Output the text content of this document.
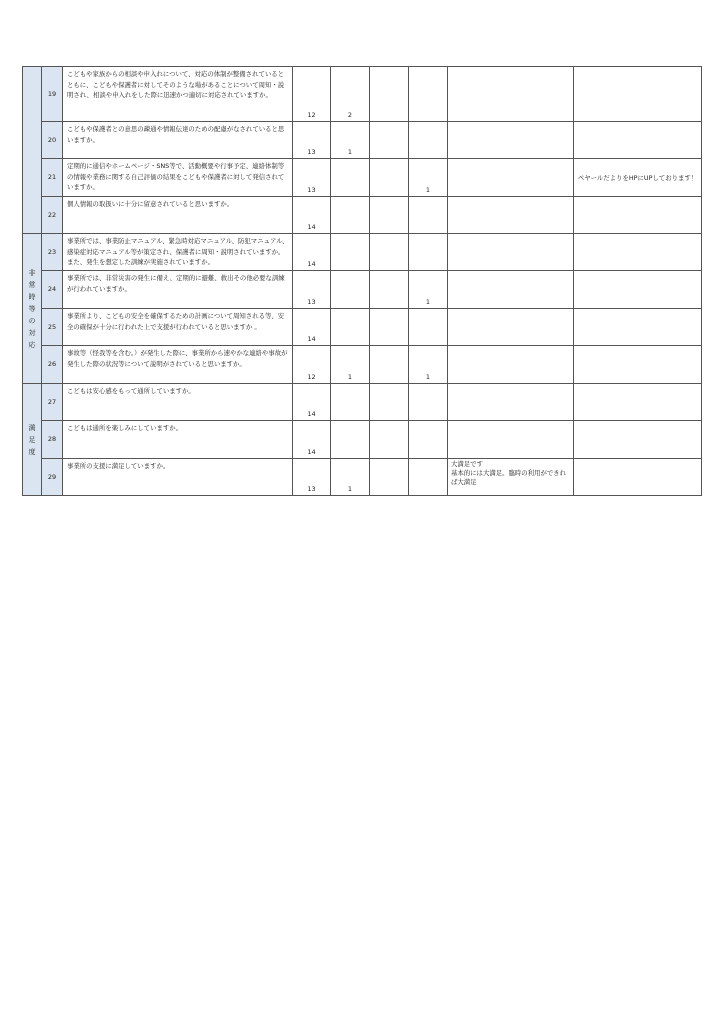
	19	こどもや家族からの相談や申入れについて、対応の体制が整備されているとともに、こどもや保護者に対してそのような場があることについて周知・説明され、相談や申入れをした際に迅速かつ適切に対応されていますか。	12	2				
	20	こどもや保護者との意思の疎通や情報伝達のための配慮がなされていると思いますか。	13	1				
	21	定期的に通信やホームページ・SNS等で、活動概要や行事予定、連絡体制等の情報や業務に関する自己評価の結果をこどもや保護者に対して発信されていますか。	13			1		ペヤールだよりをHPにUPしております！
	22	個人情報の取扱いに十分に留意されていると思いますか。	14					
非常時等の対応	23	事業所では、事業防止マニュアル、緊急時対応マニュアル、防犯マニュアル、感染症対応マニュアル等が策定され、保護者に周知・説明されていますか。また、発生を想定した訓練が実施されていますか。	14					
	24	事業所では、非常災害の発生に備え、定期的に避難、救出その他必要な訓練が行われていますか。	13			1		
	25	事業所より、こどもの安全を確保するための計画について周知される等、安全の確保が十分に行われた上で支援が行われていると思いますか 。	14					
	26	事故等（怪我等を含む。）が発生した際に、事業所から速やかな連絡や事故が発生した際の状況等について説明がされていると思いますか。	12	1		1		
満足度	27	こどもは安心感をもって通所していますか。	14					
	28	こどもは通所を楽しみにしていますか。	14					
	29	事業所の支援に満足していますか。	13	1			大満足です
基本的には大満足。臨時の利用ができれば大満足	
